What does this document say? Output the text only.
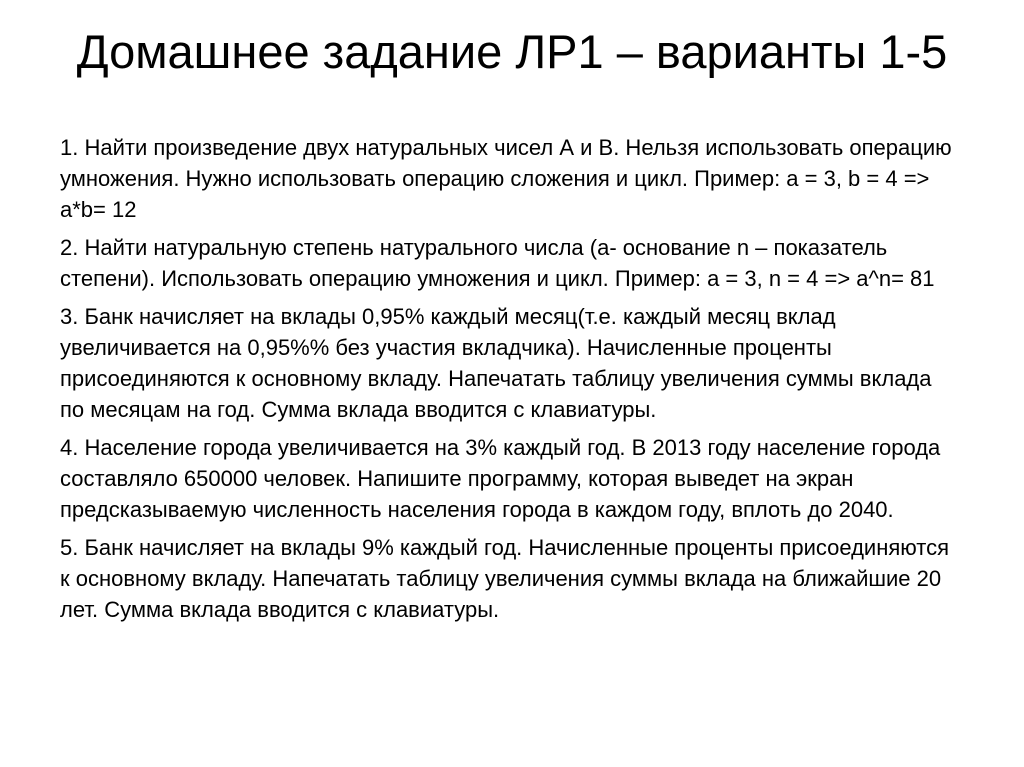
Домашнее задание ЛР1 – варианты 1-5
1. Найти произведение двух натуральных чисел А и В. Нельзя использовать операцию умножения. Нужно использовать операцию сложения и цикл. Пример: a = 3, b = 4 => a*b= 12
2. Найти натуральную степень натурального числа (a- основание n – показатель степени). Использовать операцию умножения и цикл. Пример: a = 3, n = 4 => a^n= 81
3. Банк начисляет на вклады 0,95% каждый месяц(т.е. каждый месяц вклад увеличивается на 0,95%% без участия вкладчика). Начисленные проценты присоединяются к основному вкладу. Напечатать таблицу увеличения суммы вклада по месяцам на год. Сумма вклада вводится с клавиатуры.
4. Население города увеличивается на 3% каждый год. В 2013 году население города составляло 650000 человек. Напишите программу, которая выведет на экран предсказываемую численность населения города в каждом году, вплоть до 2040.
5. Банк начисляет на вклады 9% каждый год. Начисленные проценты присоединяются к основному вкладу. Напечатать таблицу увеличения суммы вклада на ближайшие 20 лет. Сумма вклада вводится с клавиатуры.
